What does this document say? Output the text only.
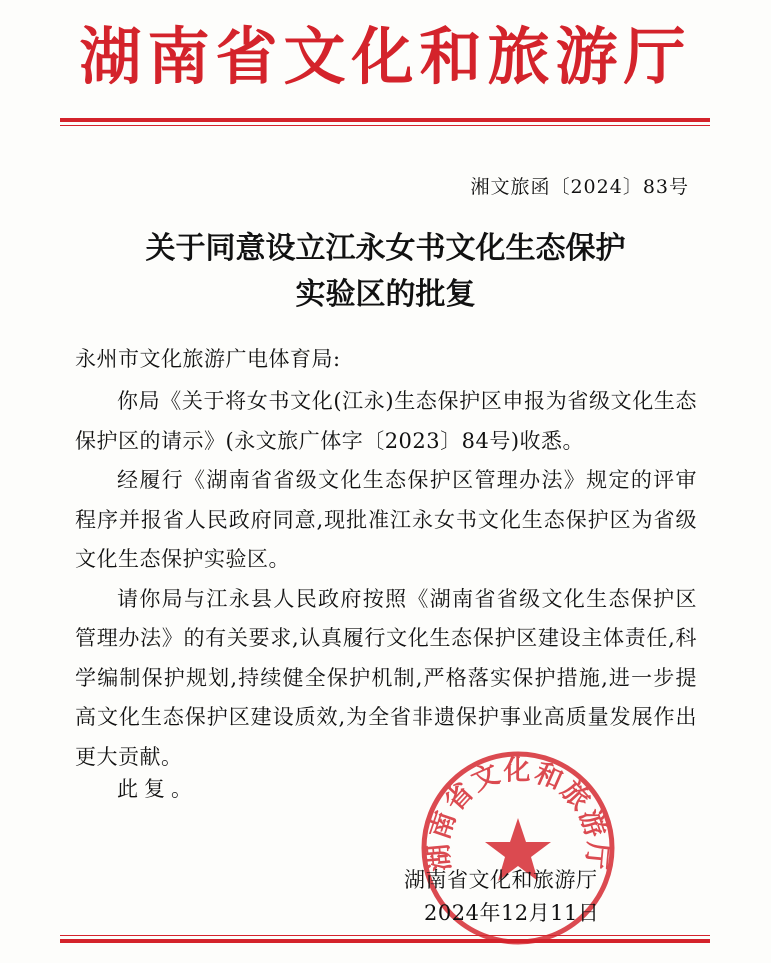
湖南省文化和旅游厅
湘文旅函〔2024〕83号
关于同意设立江永女书文化生态保护
实验区的批复
永州市文化旅游广电体育局:

你局《关于将女书文化(江永)生态保护区申报为省级文化生态保护区的请示》(永文旅广体字〔2023〕84号)收悉。

经履行《湖南省省级文化生态保护区管理办法》规定的评审程序并报省人民政府同意,现批准江永女书文化生态保护区为省级文化生态保护实验区。

请你局与江永县人民政府按照《湖南省省级文化生态保护区管理办法》的有关要求,认真履行文化生态保护区建设主体责任,科学编制保护规划,持续健全保护机制,严格落实保护措施,进一步提高文化生态保护区建设质效,为全省非遗保护事业高质量发展作出更大贡献。

此复。
湖南省文化和旅游厅
湖南省文化和旅游厅
2024年12月11日
